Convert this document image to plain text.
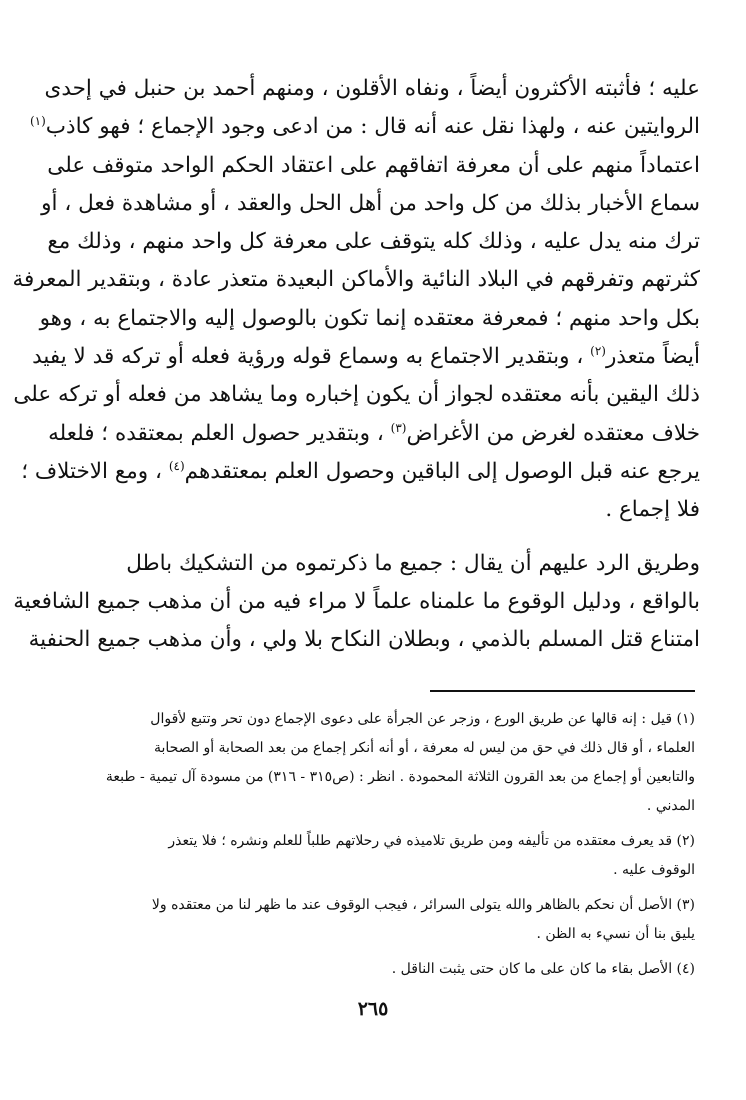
عليه ؛ فأثبته الأكثرون أيضاً ، ونفاه الأقلون ، ومنهم أحمد بن حنبل في إحدى
الروايتين عنه ، ولهذا نقل عنه أنه قال : من ادعى وجود الإجماع ؛ فهو كاذب$^{(١)}$
اعتماداً منهم على أن معرفة اتفاقهم على اعتقاد الحكم الواحد متوقف على
سماع الأخبار بذلك من كل واحد من أهل الحل والعقد ، أو مشاهدة فعل ، أو
ترك منه يدل عليه ، وذلك كله يتوقف على معرفة كل واحد منهم ، وذلك مع
كثرتهم وتفرقهم في البلاد النائية والأماكن البعيدة متعذر عادة ، وبتقدير المعرفة
بكل واحد منهم ؛ فمعرفة معتقده إنما تكون بالوصول إليه والاجتماع به ، وهو
أيضاً متعذر$^{(٢)}$ ، وبتقدير الاجتماع به وسماع قوله ورؤية فعله أو تركه قد لا يفيد
ذلك اليقين بأنه معتقده لجواز أن يكون إخباره وما يشاهد من فعله أو تركه على
خلاف معتقده لغرض من الأغراض$^{(٣)}$ ، وبتقدير حصول العلم بمعتقده ؛ فلعله
يرجع عنه قبل الوصول إلى الباقين وحصول العلم بمعتقدهم$^{(٤)}$ ، ومع الاختلاف ؛
فلا إجماع .

وطريق الرد عليهم أن يقال : جميع ما ذكرتموه من التشكيك باطل
بالواقع ، ودليل الوقوع ما علمناه علماً لا مراء فيه من أن مذهب جميع الشافعية
امتناع قتل المسلم بالذمي ، وبطلان النكاح بلا ولي ، وأن مذهب جميع الحنفية

(١) قيل : إنه قالها عن طريق الورع ، وزجر عن الجرأة على دعوى الإجماع دون تحر وتتبع لأقوال
العلماء ، أو قال ذلك في حق من ليس له معرفة ، أو أنه أنكر إجماع من بعد الصحابة أو الصحابة
والتابعين أو إجماع من بعد القرون الثلاثة المحمودة . انظر : (ص٣١٥ - ٣١٦) من مسودة آل تيمية - طبعة
المدني .
(٢) قد يعرف معتقده من تأليفه ومن طريق تلاميذه في رحلاتهم طلباً للعلم ونشره ؛ فلا يتعذر
الوقوف عليه .
(٣) الأصل أن نحكم بالظاهر والله يتولى السرائر ، فيجب الوقوف عند ما ظهر لنا من معتقده ولا
يليق بنا أن نسيء به الظن .
(٤) الأصل بقاء ما كان على ما كان حتى يثبت الناقل .
٢٦٥
